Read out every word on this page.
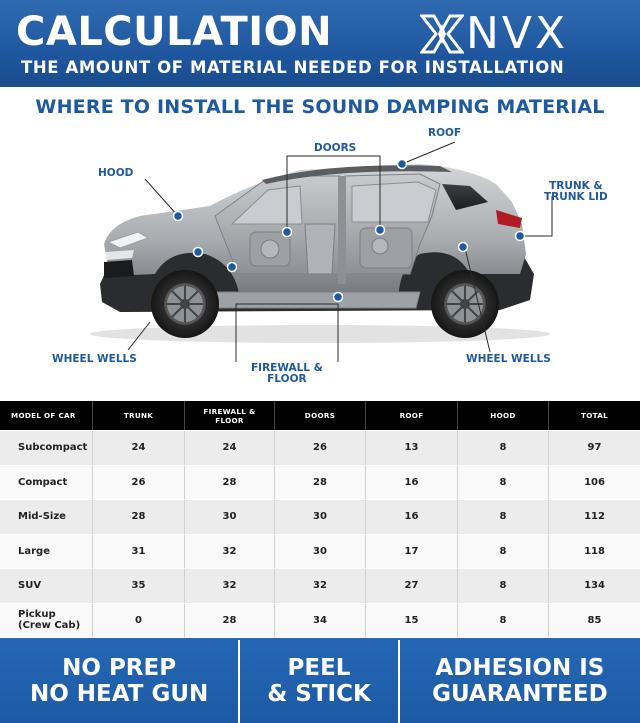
CALCULATION	NVX
THE AMOUNT OF MATERIAL NEEDED FOR INSTALLATION
WHERE TO INSTALL THE SOUND DAMPING MATERIAL
HOOD
DOORS
ROOF
TRUNK &
TRUNK LID
WHEEL WELLS
FIREWALL &
FLOOR
WHEEL WELLS
MODEL OF CAR	TRUNK	FIREWALL &
FLOOR	DOORS	ROOF	HOOD	TOTAL
Subcompact	24	24	26	13	8	97
Compact	26	28	28	16	8	106
Mid-Size	28	30	30	16	8	112
Large	31	32	30	17	8	118
SUV	35	32	32	27	8	134
Pickup
(Crew Cab)	0	28	34	15	8	85
NO PREP
NO HEAT GUN
PEEL
& STICK
ADHESION IS
GUARANTEED
